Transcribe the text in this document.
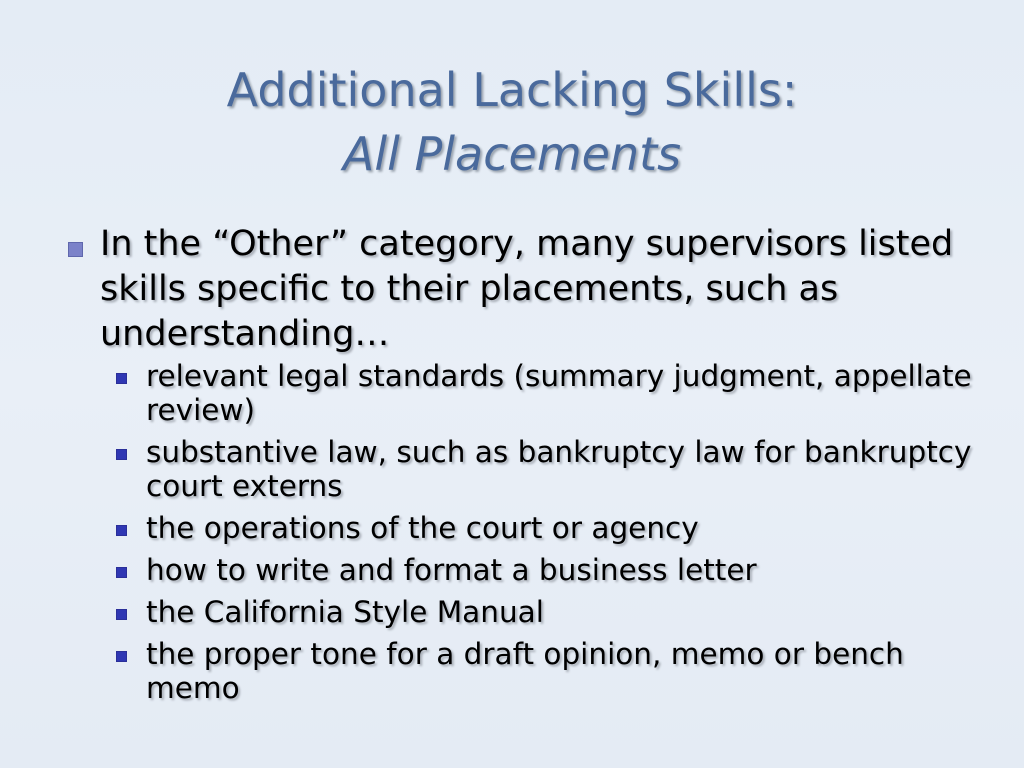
Additional Lacking Skills:
All Placements
In the “Other” category, many supervisors listed skills specific to their placements, such as understanding…
relevant legal standards (summary judgment, appellate review)
substantive law, such as bankruptcy law for bankruptcy court externs
the operations of the court or agency
how to write and format a business letter
the California Style Manual
the proper tone for a draft opinion, memo or bench memo
